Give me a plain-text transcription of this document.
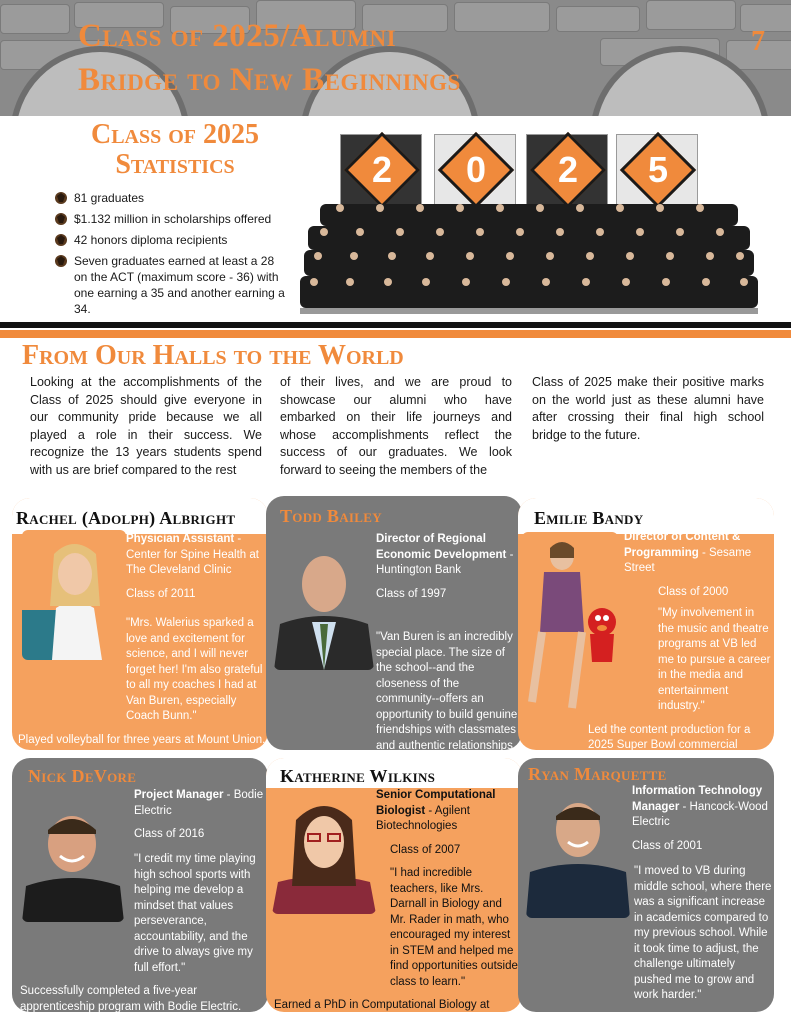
Class of 2025/Alumni
Bridge to New Beginnings
7
Class of 2025
Statistics
81 graduates
$1.132 million in scholarships offered
42 honors diploma recipients
Seven graduates earned at least a 28 on the ACT (maximum score - 36) with one earning a 35 and another earning a 34.
2	0	2	5
From Our Halls to the World
Looking at the accomplishments of the Class of 2025 should give everyone in our community pride because we all played a role in their success. We recognize the 13 years students spend with us are brief compared to the rest
of their lives, and we are proud to showcase our alumni who have embarked on their life journeys and whose accomplishments reflect the success of our graduates. We look forward to seeing the members of the
Class of 2025 make their positive marks on the world just as these alumni have after crossing their final high school bridge to the future.
Rachel (Adolph) Albright

Physician Assistant - Center for Spine Health at The Cleveland Clinic

Class of 2011

"Mrs. Walerius sparked a love and excitement for science, and I will never forget her! I'm also grateful to all my coaches I had at Van Buren, especially Coach Bunn."

Played volleyball for three years at Mount Union.

Todd Bailey

Director of Regional Economic Development - Huntington Bank

Class of 1997

"Van Buren is an incredibly special place. The size of the school--and the closeness of the community--offers an opportunity to build genuine friendships with classmates and authentic relationships

Emilie Bandy

Director of Content & Programming - Sesame Street

Class of 2000

"My involvement in the music and theatre programs at VB led me to pursue a career in the media and entertainment industry."

Led the content production for a 2025 Super Bowl commercial

Nick DeVore

Project Manager - Bodie Electric

Class of 2016

"I credit my time playing high school sports with helping me develop a mindset that values perseverance, accountability, and the drive to always give my full effort."

Successfully completed a five-year apprenticeship program with Bodie Electric.

Katherine Wilkins

Senior Computational Biologist - Agilent Biotechnologies

Class of 2007

"I had incredible teachers, like Mrs. Darnall in Biology and Mr. Rader in math, who encouraged my interest in STEM and helped me find opportunities outside class to learn."

Earned a PhD in Computational Biology at

Ryan Marquette

Information Technology Manager - Hancock-Wood Electric

Class of 2001

"I moved to VB during middle school, where there was a significant increase in academics compared to my previous school. While it took time to adjust, the challenge ultimately pushed me to grow and work harder."
